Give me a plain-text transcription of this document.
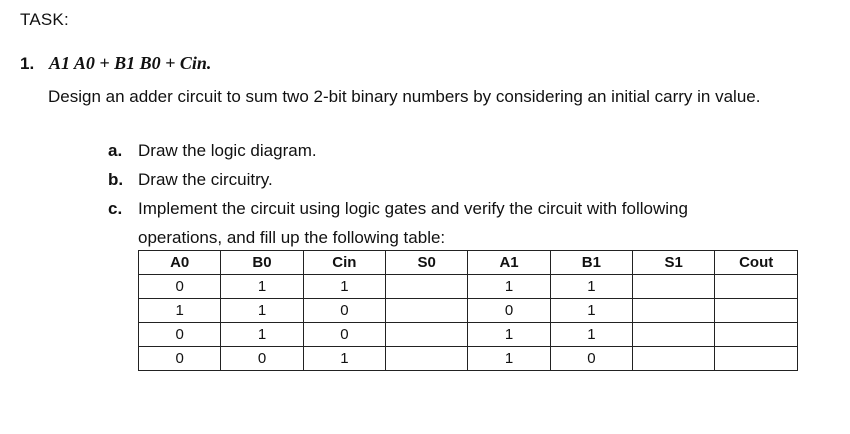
TASK:
1. A1 A0 + B1 B0 + Cin.
Design an adder circuit to sum two 2-bit binary numbers by considering an initial carry in value.
a. Draw the logic diagram.
b. Draw the circuitry.
c. Implement the circuit using logic gates and verify the circuit with following operations, and fill up the following table:
A0	B0	Cin	S0	A1	B1	S1	Cout
0	1	1		1	1		
1	1	0		0	1		
0	1	0		1	1		
0	0	1		1	0		
